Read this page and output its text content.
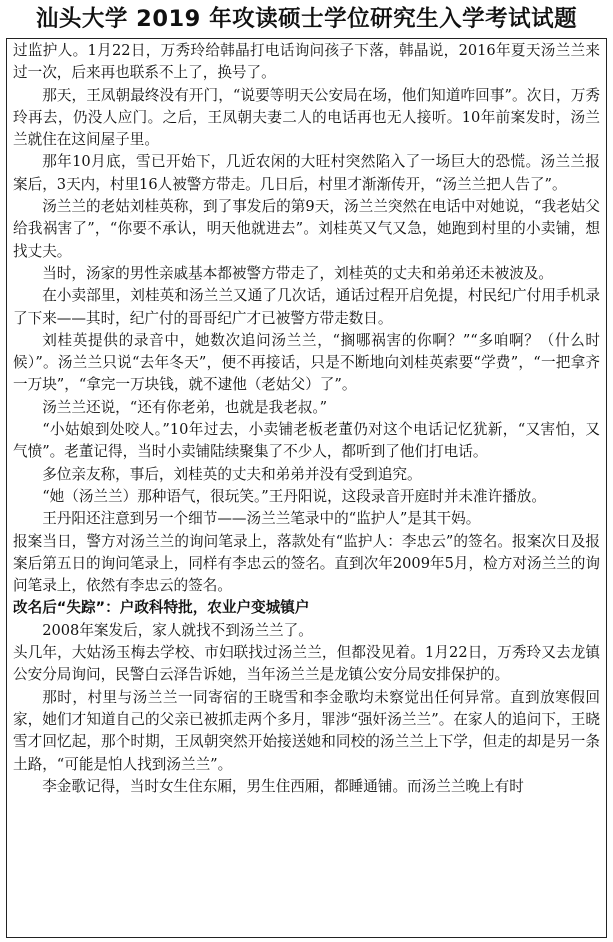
汕头大学 2019 年攻读硕士学位研究生入学考试试题

过监护人。1月22日，万秀玲给韩晶打电话询问孩子下落，韩晶说，2016年夏天汤兰兰来过一次，后来再也联系不上了，换号了。

那天，王凤朝最终没有开门，“说要等明天公安局在场，他们知道咋回事”。次日，万秀玲再去，仍没人应门。之后，王凤朝夫妻二人的电话再也无人接听。10年前案发时，汤兰兰就住在这间屋子里。

那年10月底，雪已开始下，几近农闲的大旺村突然陷入了一场巨大的恐慌。汤兰兰报案后，3天内，村里16人被警方带走。几日后，村里才渐渐传开，“汤兰兰把人告了”。

汤兰兰的老姑刘桂英称，到了事发后的第9天，汤兰兰突然在电话中对她说，“我老姑父给我祸害了”，“你要不承认，明天他就进去”。刘桂英又气又急，她跑到村里的小卖铺，想找丈夫。

当时，汤家的男性亲戚基本都被警方带走了，刘桂英的丈夫和弟弟还未被波及。

在小卖部里，刘桂英和汤兰兰又通了几次话，通话过程开启免提，村民纪广付用手机录了下来——其时，纪广付的哥哥纪广才已被警方带走数日。

刘桂英提供的录音中，她数次追问汤兰兰，“搁哪祸害的你啊？”“多咱啊？（什么时候）”。汤兰兰只说“去年冬天”，便不再接话，只是不断地向刘桂英索要“学费”，“一把拿齐一万块”，“拿完一万块钱，就不逮他（老姑父）了”。

汤兰兰还说，“还有你老弟，也就是我老叔。”

“小姑娘到处咬人。”10年过去，小卖铺老板老董仍对这个电话记忆犹新，“又害怕，又气愤”。老董记得，当时小卖铺陆续聚集了不少人，都听到了他们打电话。

多位亲友称，事后，刘桂英的丈夫和弟弟并没有受到追究。

“她（汤兰兰）那种语气，很玩笑。”王丹阳说，这段录音开庭时并未准许播放。

王丹阳还注意到另一个细节——汤兰兰笔录中的“监护人”是其干妈。

报案当日，警方对汤兰兰的询问笔录上，落款处有“监护人：李忠云”的签名。报案次日及报案后第五日的询问笔录上，同样有李忠云的签名。直到次年2009年5月，检方对汤兰兰的询问笔录上，依然有李忠云的签名。

改名后“失踪”：户政科特批，农业户变城镇户

2008年案发后，家人就找不到汤兰兰了。

头几年，大姑汤玉梅去学校、市妇联找过汤兰兰，但都没见着。1月22日，万秀玲又去龙镇公安分局询问，民警白云泽告诉她，当年汤兰兰是龙镇公安分局安排保护的。

那时，村里与汤兰兰一同寄宿的王晓雪和李金歌均未察觉出任何异常。直到放寒假回家，她们才知道自己的父亲已被抓走两个多月，罪涉“强奸汤兰兰”。在家人的追问下，王晓雪才回忆起，那个时期，王凤朝突然开始接送她和同校的汤兰兰上下学，但走的却是另一条土路，“可能是怕人找到汤兰兰”。

李金歌记得，当时女生住东厢，男生住西厢，都睡通铺。而汤兰兰晚上有时
